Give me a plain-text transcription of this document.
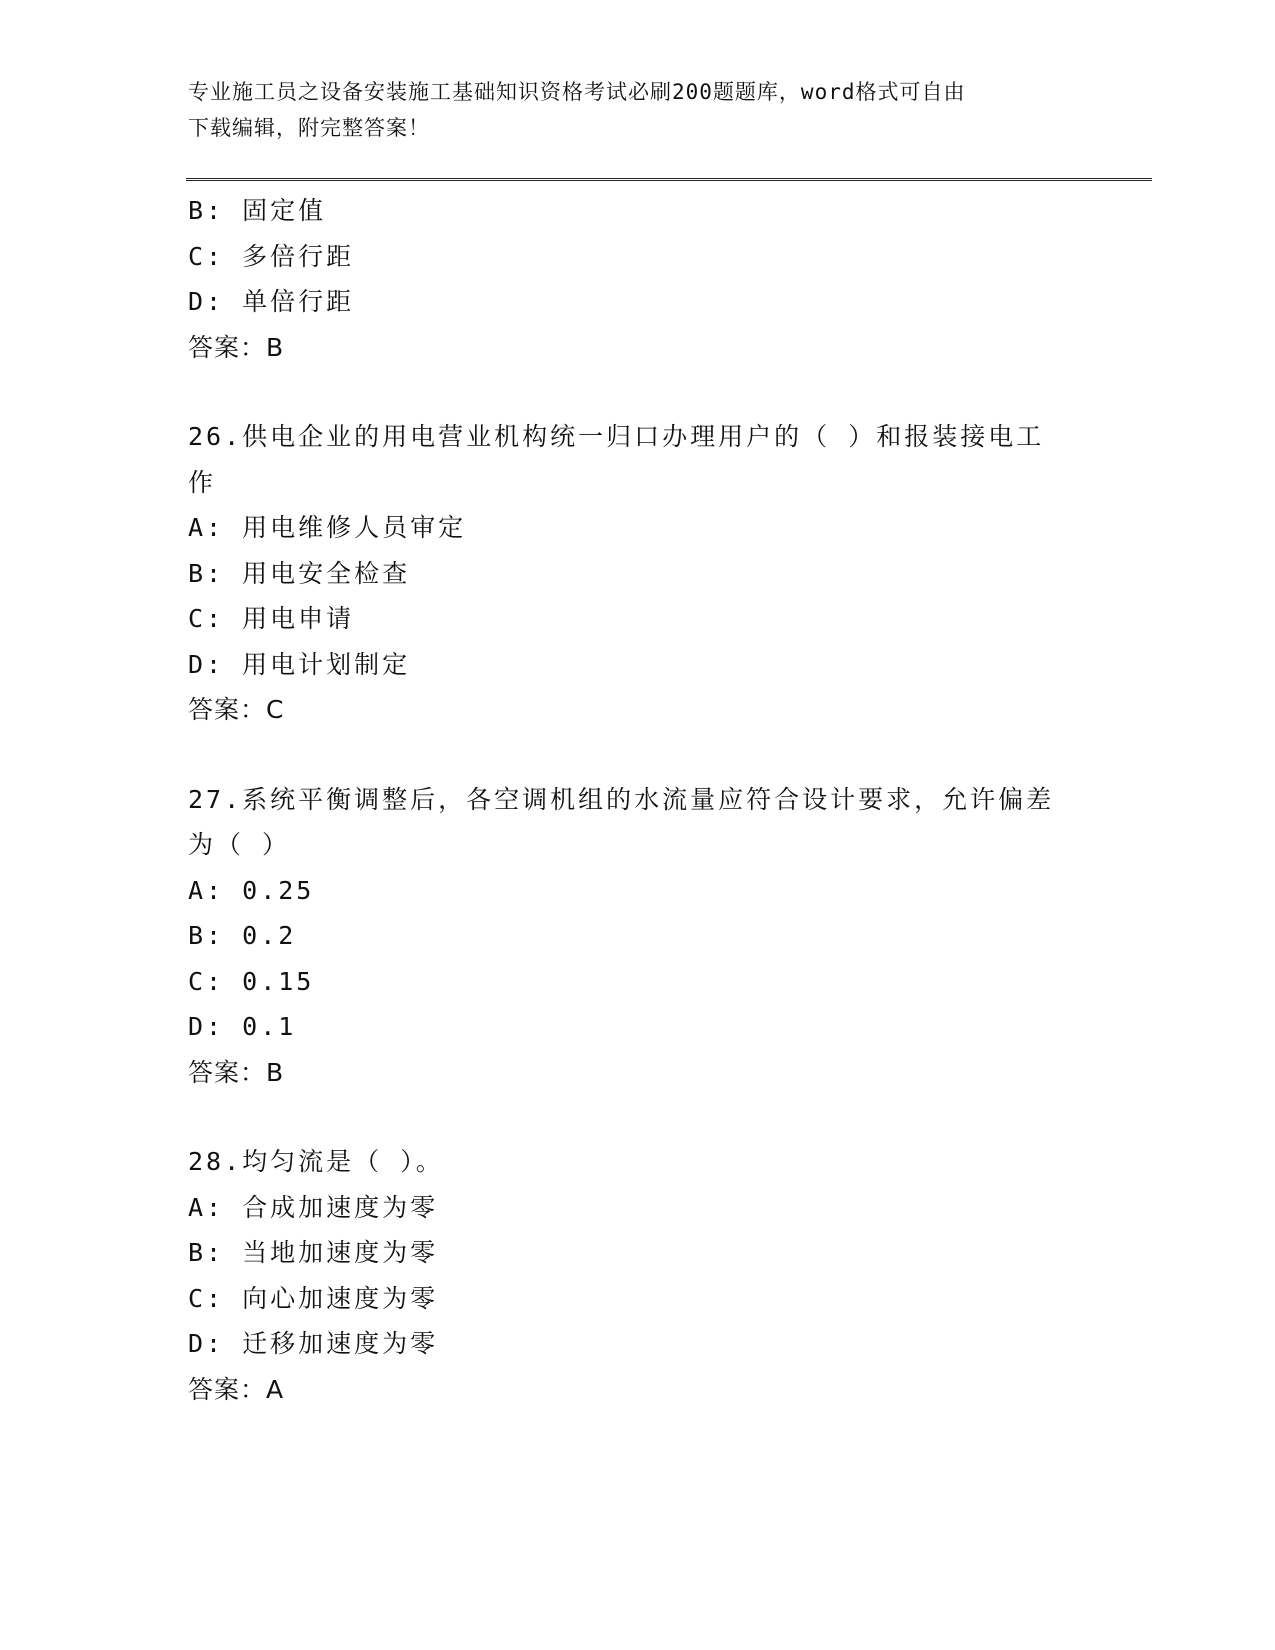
专业施工员之设备安装施工基础知识资格考试必刷200题题库，word格式可自由
下载编辑，附完整答案！
B: 固定值
C: 多倍行距
D: 单倍行距
答案：B
26.供电企业的用电营业机构统一归口办理用户的（ ）和报装接电工
作
A: 用电维修人员审定
B: 用电安全检查
C: 用电申请
D: 用电计划制定
答案：C
27.系统平衡调整后，各空调机组的水流量应符合设计要求，允许偏差
为（ ）
A: 0.25
B: 0.2
C: 0.15
D: 0.1
答案：B
28.均匀流是（ ）。
A: 合成加速度为零
B: 当地加速度为零
C: 向心加速度为零
D: 迁移加速度为零
答案：A
